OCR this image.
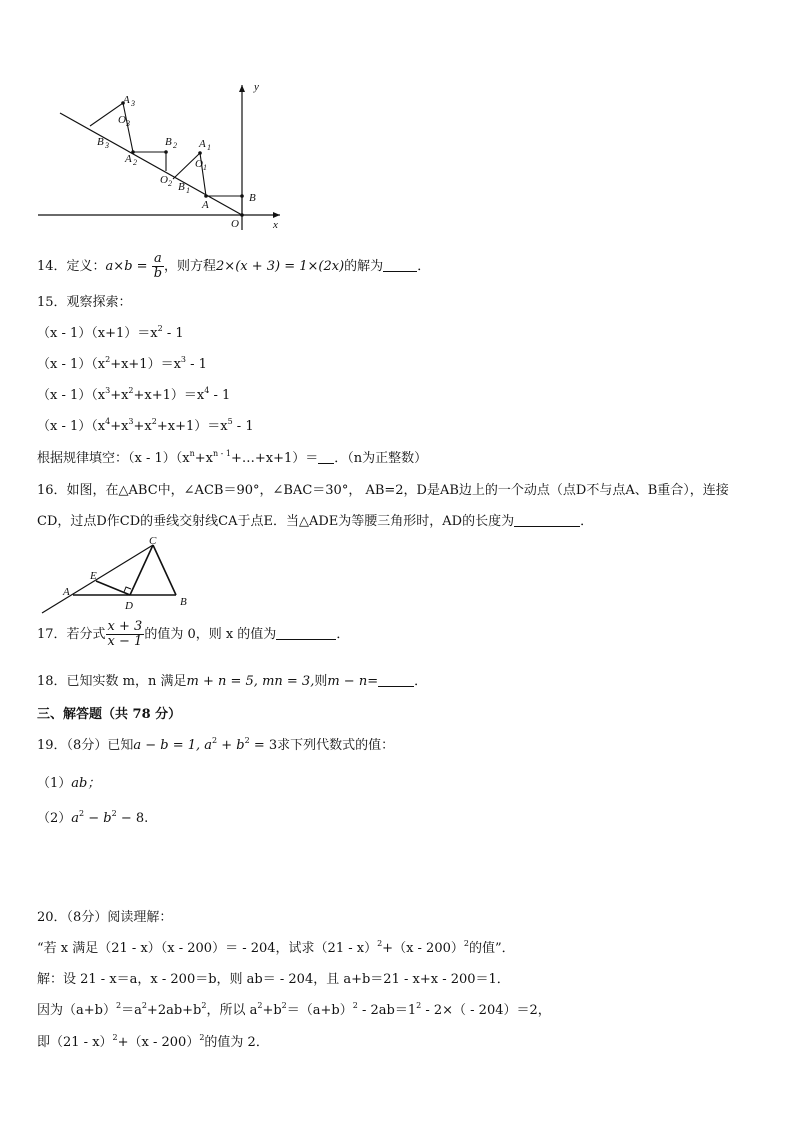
y
x
O
A 3
O 3
B 3
A 2
B 2 A 1
O 1
O 2 B 1
A
B
14．定义：$a\times b = \frac{a}{b}$ ，则方程2×(x + 3) = 1×(2x)的解为	．
15．观察探索：
$(x - 1)(x+1)=x^2 - 1$
$(x - 1)(x^2+x+1)=x^3 - 1$
$(x - 1)(x^3+x^2+x+1)=x^4 - 1$
$(x - 1)(x^4+x^3+x^2+x+1)=x^5 - 1$
根据规律填空：$(x - 1)(x^n+x^{n - 1}+\dots+x+1)=$ ．（n为正整数）
16．如图，在△ABC中，∠ACB＝90°，∠BAC＝30°， AB=2，D是AB边上的一个动点（点D不与点A、B重合），连接
CD，过点D作CD的垂线交射线CA于点E．当△ADE为等腰三角形时，AD的长度为	．
C
E
A
D	B
17．若分式 $\frac{x + 3}{x - 1}$ 的值为 0，则 x 的值为	．
18．已知实数 m，n 满足m + n = 5, mn = 3,则m − n=	．
三、解答题（共 78 分）
19．（8分）已知a − b = 1, $a^2 + b^2 = 3$求下列代数式的值：
（1）ab；
$(2)a^2 - b^2 - 8$.
20．（8分）阅读理解：
“若 x 满足（21 - x）（x - 200）＝ - 204，试求（21 - x）$^2$+（x - 200）$^2$的值”．
解：设 21 - x＝a，x - 200＝b，则 ab＝ - 204，且 a+b＝21 - x+x - 200＝1．
因为$(a+b)^2=a^2+2ab+b^2$，所以 $a^2+b^2=(a+b)^2 - 2ab=1^2 - 2\times( - 204)=2$，
即（21 - x）$^2$+（x - 200）$^2$的值为 2．
